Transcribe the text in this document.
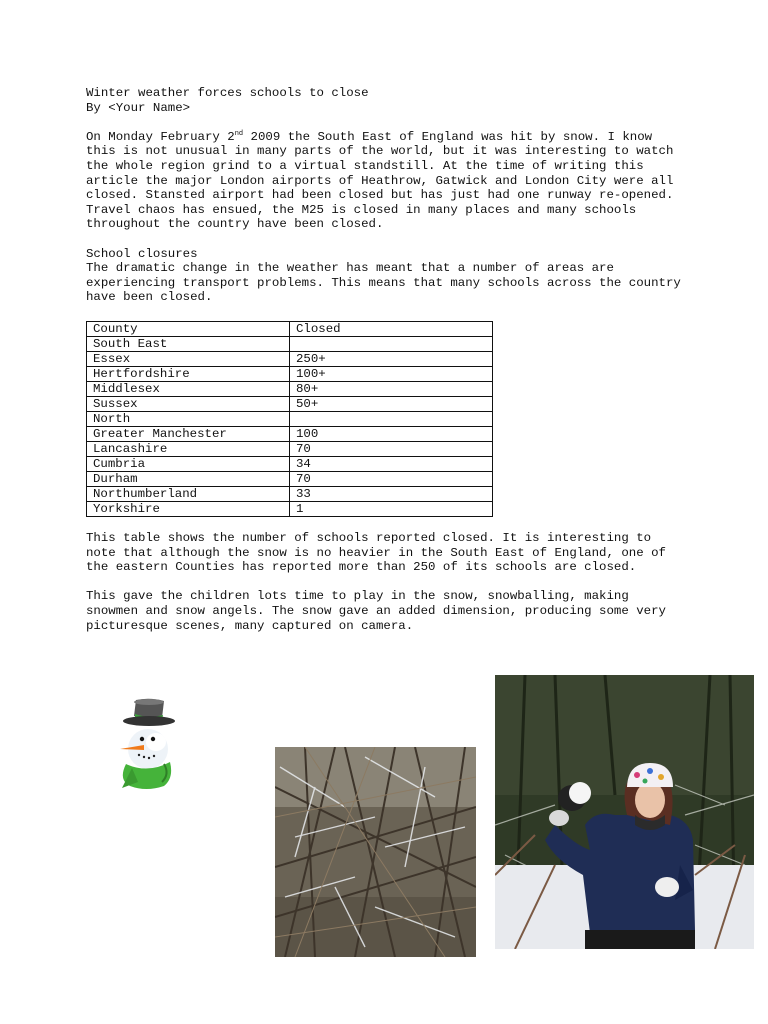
Winter weather forces schools to close

By <Your Name>

On Monday February 2nd 2009 the South East of England was hit by snow. I know this is not unusual in many parts of the world, but it was interesting to watch the whole region grind to a virtual standstill. At the time of writing this article the major London airports of Heathrow, Gatwick and London City were all closed. Stansted airport had been closed but has just had one runway re-opened. Travel chaos has ensued, the M25 is closed in many places and many schools throughout the country have been closed.

School closures

The dramatic change in the weather has meant that a number of areas are experiencing transport problems. This means that many schools across the country have been closed.

County	Closed
South East	
Essex	250+
Hertfordshire	100+
Middlesex	80+
Sussex	50+
North	
Greater Manchester	100
Lancashire	70
Cumbria	34
Durham	70
Northumberland	33
Yorkshire	1

This table shows the number of schools reported closed. It is interesting to note that although the snow is no heavier in the South East of England, one of the eastern Counties has reported more than 250 of its schools are closed.

This gave the children lots time to play in the snow, snowballing, making snowmen and snow angels. The snow gave an added dimension, producing some very picturesque scenes, many captured on camera.
